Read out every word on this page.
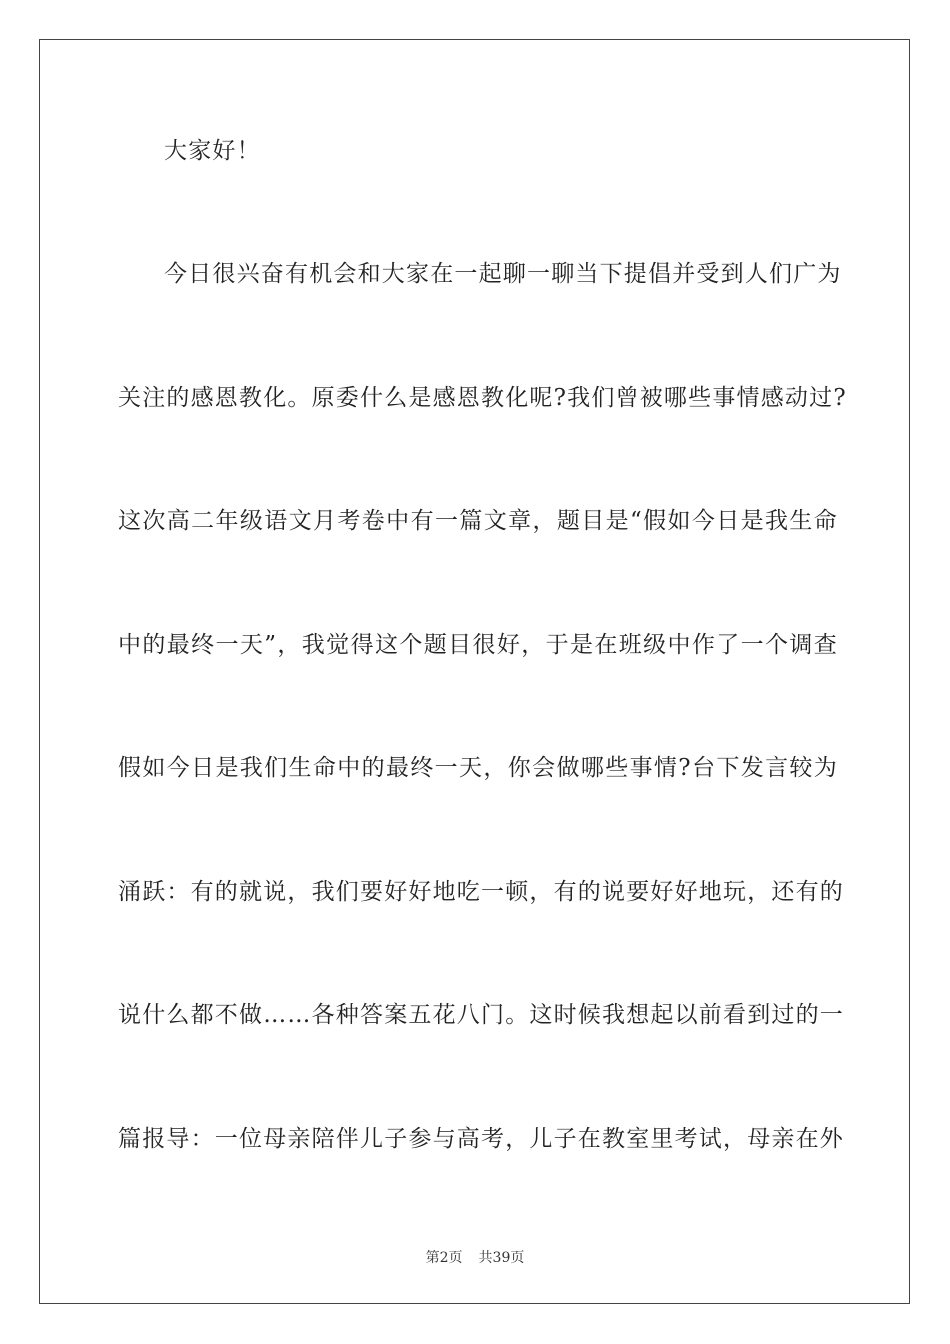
大家好！
今日很兴奋有机会和大家在一起聊一聊当下提倡并受到人们广为
关注的感恩教化。原委什么是感恩教化呢?我们曾被哪些事情感动过?
这次高二年级语文月考卷中有一篇文章，题目是“假如今日是我生命
中的最终一天”，我觉得这个题目很好，于是在班级中作了一个调查
假如今日是我们生命中的最终一天，你会做哪些事情?台下发言较为
涌跃：有的就说，我们要好好地吃一顿，有的说要好好地玩，还有的
说什么都不做……各种答案五花八门。这时候我想起以前看到过的一
篇报导：一位母亲陪伴儿子参与高考，儿子在教室里考试，母亲在外
第2页 共39页
